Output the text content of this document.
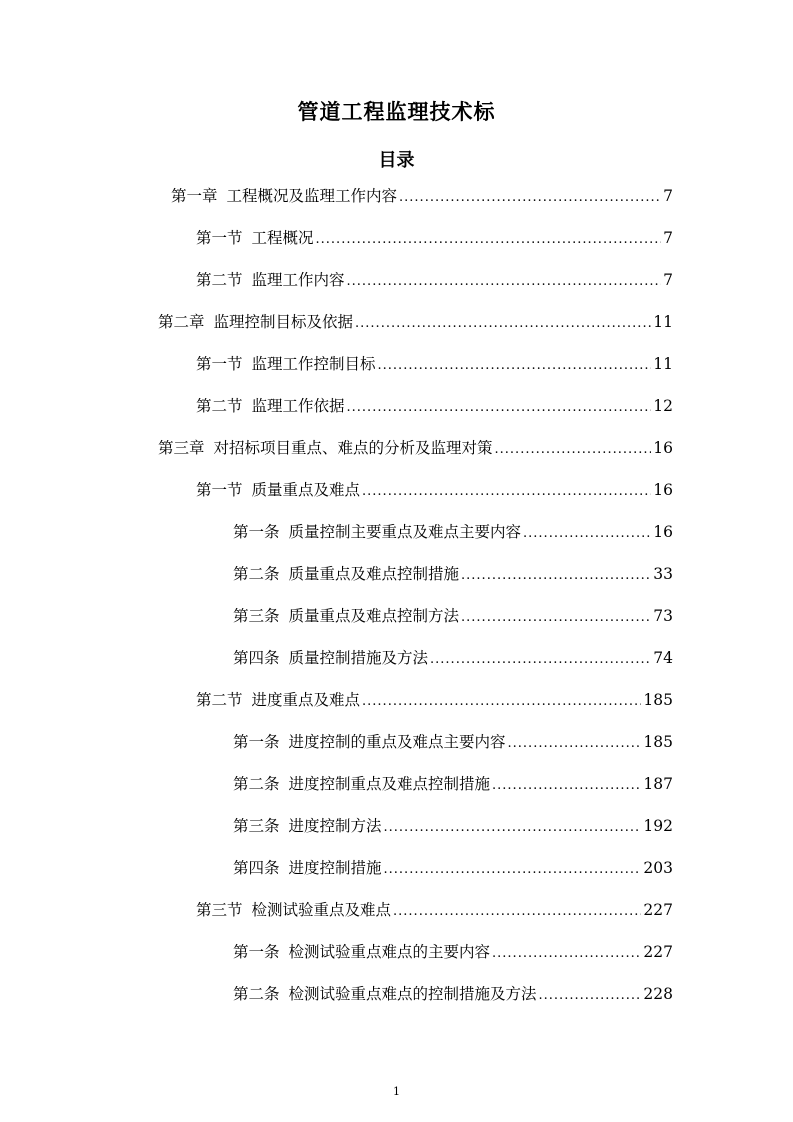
管道工程监理技术标
目录
第一章 工程概况及监理工作内容 .....	7
第一节 工程概况 .....	7
第二节 监理工作内容 .....	7
第二章 监理控制目标及依据 .....	11
第一节 监理工作控制目标 .....	11
第二节 监理工作依据 .....	12
第三章 对招标项目重点、难点的分析及监理对策 .....	16
第一节 质量重点及难点 .....	16
第一条 质量控制主要重点及难点主要内容 .....	16
第二条 质量重点及难点控制措施 .....	33
第三条 质量重点及难点控制方法 .....	73
第四条 质量控制措施及方法 .....	74
第二节 进度重点及难点 .....	185
第一条 进度控制的重点及难点主要内容 .....	185
第二条 进度控制重点及难点控制措施 .....	187
第三条 进度控制方法 .....	192
第四条 进度控制措施 .....	203
第三节 检测试验重点及难点 .....	227
第一条 检测试验重点难点的主要内容 .....	227
第二条 检测试验重点难点的控制措施及方法 .....	228
1
